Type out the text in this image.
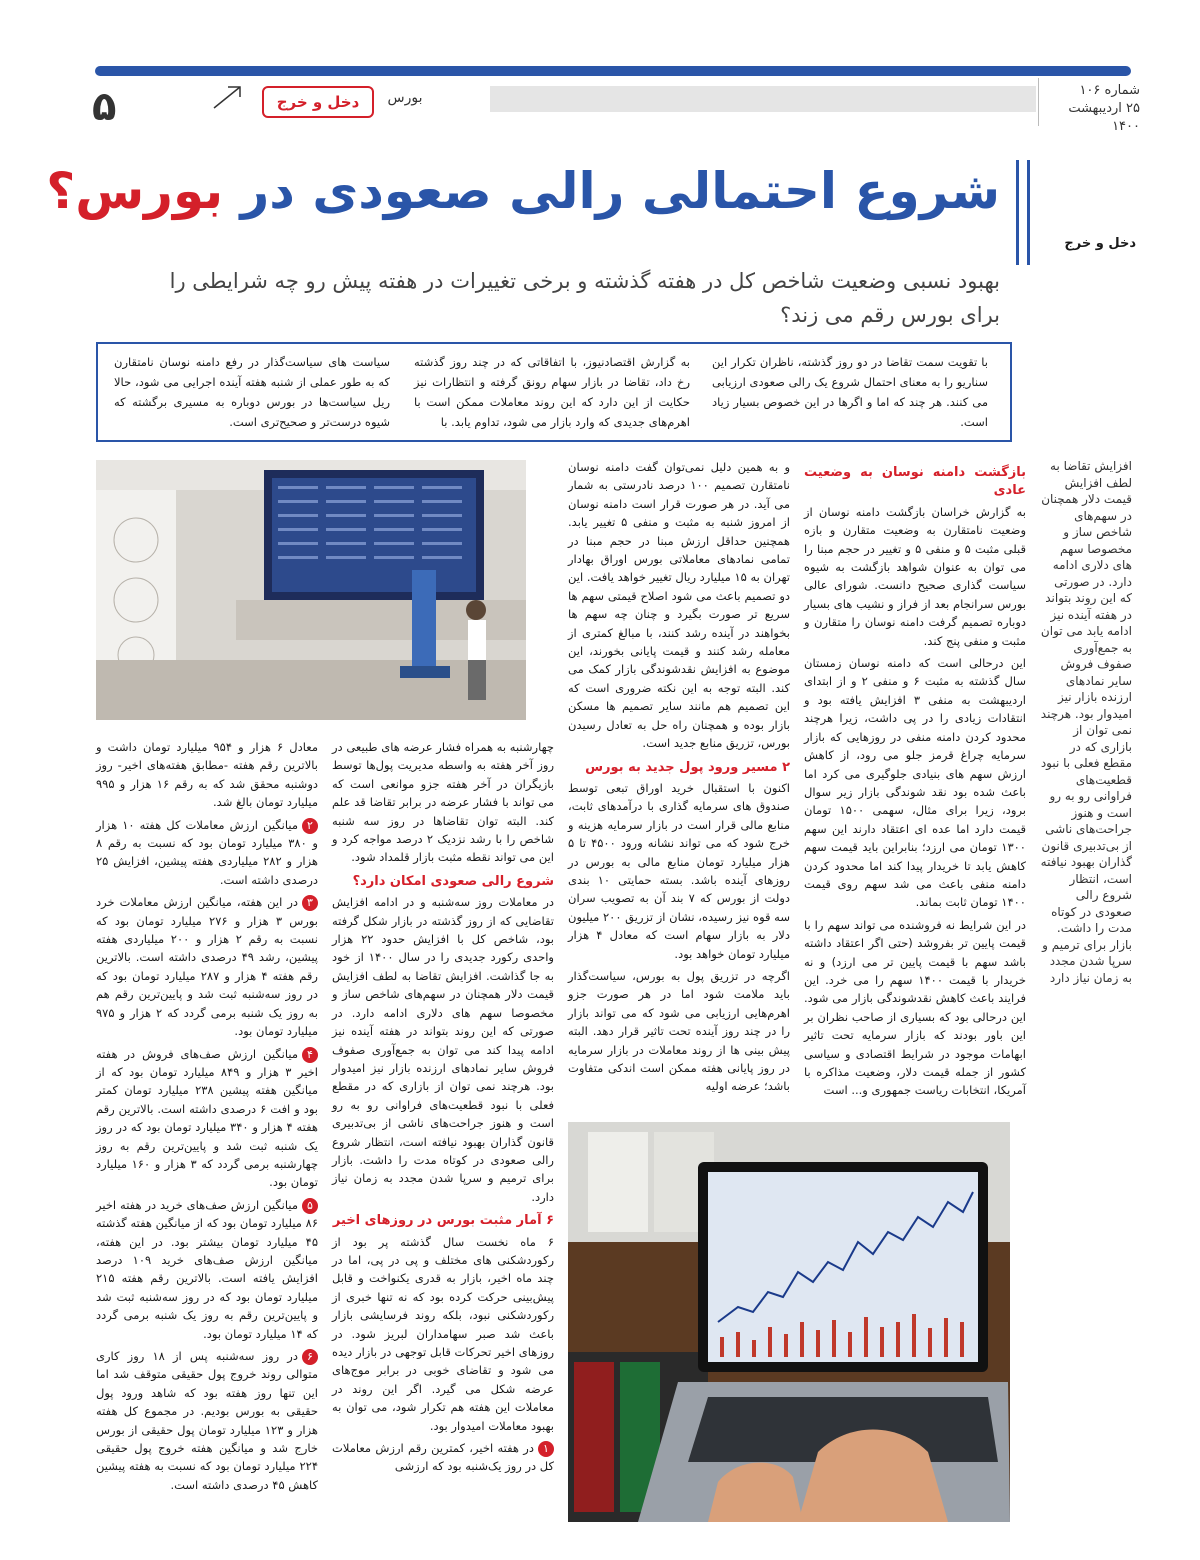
۵	دخل و خرج	بورس	شماره ۱۰۶
۲۵ اردیبهشت ۱۴۰۰
دخل و خرج
شروع احتمالی رالی صعودی در بورس؟
بهبود نسبی وضعیت شاخص کل در هفته گذشته و برخی تغییرات در هفته پیش رو چه شرایطی را برای بورس رقم می زند؟
با تقویت سمت تقاضا در دو روز گذشته، ناظران تکرار این سناریو را به معنای احتمال شروع یک رالی صعودی ارزیابی می کنند. هر چند که اما و اگرها در این خصوص بسیار زیاد است.
به گزارش اقتصادنیوز، با اتفاقاتی که در چند روز گذشته رخ داد، تقاضا در بازار سهام رونق گرفته و انتظارات نیز حکایت از این دارد که این روند معاملات ممکن است با اهرم‌های جدیدی که وارد بازار می شود، تداوم یابد. با
سیاست های سیاست‌گذار در رفع دامنه نوسان نامتقارن که به طور عملی از شنبه هفته آینده اجرایی می شود، حالا ریل سیاست‌ها در بورس دوباره به مسیری برگشته که شیوه درست‌تر و صحیح‌تری است.
افزایش تقاضا به لطف افزایش قیمت دلار همچنان در سهم‌های شاخص ساز و مخصوصا سهم های دلاری ادامه دارد. در صورتی که این روند بتواند در هفته آینده نیز ادامه یابد می توان به جمع‌آوری صفوف فروش سایر نمادهای ارزنده بازار نیز امیدوار بود. هرچند نمی توان از بازاری که در مقطع فعلی با نبود قطعیت‌های فراوانی رو به رو است و هنوز جراحت‌های ناشی از بی‌تدبیری قانون گذاران بهبود نیافته است، انتظار شروع رالی صعودی در کوتاه مدت را داشت. بازار برای ترمیم و سرپا شدن مجدد به زمان نیاز دارد
بازگشت دامنه نوسان به وضعیت عادی

به گزارش خراسان بازگشت دامنه نوسان از وضعیت نامتقارن به وضعیت متقارن و بازه قبلی مثبت ۵ و منفی ۵ و تغییر در حجم مبنا را می توان به عنوان شواهد بازگشت به شیوه سیاست گذاری صحیح دانست. شورای عالی بورس سرانجام بعد از فراز و نشیب های بسیار دوباره تصمیم گرفت دامنه نوسان را متقارن و مثبت و منفی پنج کند.

این درحالی است که دامنه نوسان زمستان سال گذشته به مثبت ۶ و منفی ۲ و از ابتدای اردیبهشت به منفی ۳ افزایش یافته بود و انتقادات زیادی را در پی داشت، زیرا هرچند محدود کردن دامنه منفی در روزهایی که بازار سرمایه چراغ قرمز جلو می رود، از کاهش ارزش سهم های بنیادی جلوگیری می کرد اما باعث شده بود نقد شوندگی بازار زیر سوال برود، زیرا برای مثال، سهمی ۱۵۰۰ تومان قیمت دارد اما عده ای اعتقاد دارند این سهم ۱۳۰۰ تومان می ارزد؛ بنابراین باید قیمت سهم کاهش یابد تا خریدار پیدا کند اما محدود کردن دامنه منفی باعث می شد سهم روی قیمت ۱۴۰۰ تومان ثابت بماند.

در این شرایط نه فروشنده می تواند سهم را با قیمت پایین تر بفروشد (حتی اگر اعتقاد داشته باشد سهم با قیمت پایین تر می ارزد) و نه خریدار با قیمت ۱۴۰۰ سهم را می خرد. این فرایند باعث کاهش نقدشوندگی بازار می شود. این درحالی بود که بسیاری از صاحب نظران بر این باور بودند که بازار سرمایه تحت تاثیر ابهامات موجود در شرایط اقتصادی و سیاسی کشور از جمله قیمت دلار، وضعیت مذاکره با آمریکا، انتخابات ریاست جمهوری و... است

و به همین دلیل نمی‌توان گفت دامنه نوسان نامتقارن تصمیم ۱۰۰ درصد نادرستی به شمار می آید. در هر صورت قرار است دامنه نوسان از امروز شنبه به مثبت و منفی ۵ تغییر یابد. همچنین حداقل ارزش مبنا در حجم مبنا در تمامی نمادهای معاملاتی بورس اوراق بهادار تهران به ۱۵ میلیارد ریال تغییر خواهد یافت. این دو تصمیم باعث می شود اصلاح قیمتی سهم ها سریع تر صورت بگیرد و چنان چه سهم ها بخواهند در آینده رشد کنند، با مبالغ کمتری از معامله رشد کنند و قیمت پایانی بخورند، این موضوع به افزایش نقدشوندگی بازار کمک می کند. البته توجه به این نکته ضروری است که این تصمیم هم مانند سایر تصمیم ها مسکن بازار بوده و همچنان راه حل به تعادل رسیدن بورس، تزریق منابع جدید است.

۲ مسیر ورود پول جدید به بورس

اکنون با استقبال خرید اوراق تبعی توسط صندوق های سرمایه گذاری با درآمدهای ثابت، منابع مالی قرار است در بازار سرمایه هزینه و خرج شود که می تواند نشانه ورود ۴۵۰۰ تا ۵ هزار میلیارد تومان منابع مالی به بورس در روزهای آینده باشد. بسته حمایتی ۱۰ بندی دولت از بورس که ۷ بند آن به تصویب سران سه قوه نیز رسیده، نشان از تزریق ۲۰۰ میلیون دلار به بازار سهام است که معادل ۴ هزار میلیارد تومان خواهد بود.

اگرچه در تزریق پول به بورس، سیاست‌گذار باید ملامت شود اما در هر صورت جزو اهرم‌هایی ارزیابی می شود که می تواند بازار را در چند روز آینده تحت تاثیر قرار دهد. البته پیش بینی ها از روند معاملات در بازار سرمایه در روز پایانی هفته ممکن است اندکی متفاوت باشد؛ عرضه اولیه

چهارشنبه به همراه فشار عرضه های طبیعی در روز آخر هفته به واسطه مدیریت پول‌ها توسط بازیگران در آخر هفته جزو موانعی است که می تواند با فشار عرضه در برابر تقاضا قد علم کند. البته توان تقاضاها در روز سه شنبه شاخص را با رشد نزدیک ۲ درصد مواجه کرد و این می تواند نقطه مثبت بازار قلمداد شود.

شروع رالی صعودی امکان دارد؟

در معاملات روز سه‌شنبه و در ادامه افزایش تقاضایی که از روز گذشته در بازار شکل گرفته بود، شاخص کل با افزایش حدود ۲۲ هزار واحدی رکورد جدیدی را در سال ۱۴۰۰ از خود به جا گذاشت. افزایش تقاضا به لطف افزایش قیمت دلار همچنان در سهم‌های شاخص ساز و مخصوصا سهم های دلاری ادامه دارد. در صورتی که این روند بتواند در هفته آینده نیز ادامه پیدا کند می توان به جمع‌آوری صفوف فروش سایر نمادهای ارزنده بازار نیز امیدوار بود. هرچند نمی توان از بازاری که در مقطع فعلی با نبود قطعیت‌های فراوانی رو به رو است و هنوز جراحت‌های ناشی از بی‌تدبیری قانون گذاران بهبود نیافته است، انتظار شروع رالی صعودی در کوتاه مدت را داشت. بازار برای ترمیم و سرپا شدن مجدد به زمان نیاز دارد.

۶ آمار مثبت بورس در روزهای اخیر

۶ ماه نخست سال گذشته پر بود از رکوردشکنی های مختلف و پی در پی، اما در چند ماه اخیر، بازار به قدری یکنواخت و قابل پیش‌بینی حرکت کرده بود که نه تنها خبری از رکوردشکنی نبود، بلکه روند فرسایشی بازار باعث شد صبر سهامداران لبریز شود. در روزهای اخیر تحرکات قابل توجهی در بازار دیده می شود و تقاضای خوبی در برابر موج‌های عرضه شکل می گیرد. اگر این روند در معاملات این هفته هم تکرار شود، می توان به بهبود معاملات امیدوار بود.

۱در هفته اخیر، کمترین رقم ارزش معاملات کل در روز یک‌شنبه بود که ارزشی

معادل ۶ هزار و ۹۵۴ میلیارد تومان داشت و بالاترین رقم هفته -مطابق هفته‌های اخیر- روز دوشنبه محقق شد که به رقم ۱۶ هزار و ۹۹۵ میلیارد تومان بالغ شد.

۲میانگین ارزش معاملات کل هفته ۱۰ هزار و ۳۸۰ میلیارد تومان بود که نسبت به رقم ۸ هزار و ۲۸۲ میلیاردی هفته پیشین، افزایش ۲۵ درصدی داشته است.

۳در این هفته، میانگین ارزش معاملات خرد بورس ۳ هزار و ۲۷۶ میلیارد تومان بود که نسبت به رقم ۲ هزار و ۲۰۰ میلیاردی هفته پیشین، رشد ۴۹ درصدی داشته است. بالاترین رقم هفته ۴ هزار و ۲۸۷ میلیارد تومان بود که در روز سه‌شنبه ثبت شد و پایین‌ترین رقم هم به روز یک شنبه برمی گردد که ۲ هزار و ۹۷۵ میلیارد تومان بود.

۴میانگین ارزش صف‌های فروش در هفته اخیر ۳ هزار و ۸۴۹ میلیارد تومان بود که از میانگین هفته پیشین ۲۳۸ میلیارد تومان کمتر بود و افت ۶ درصدی داشته است. بالاترین رقم هفته ۴ هزار و ۳۴۰ میلیارد تومان بود که در روز یک شنبه ثبت شد و پایین‌ترین رقم به روز چهارشنبه برمی گردد که ۳ هزار و ۱۶۰ میلیارد تومان بود.

۵میانگین ارزش صف‌های خرید در هفته اخیر ۸۶ میلیارد تومان بود که از میانگین هفته گذشته ۴۵ میلیارد تومان بیشتر بود. در این هفته، میانگین ارزش صف‌های خرید ۱۰۹ درصد افزایش یافته است. بالاترین رقم هفته ۲۱۵ میلیارد تومان بود که در روز سه‌شنبه ثبت شد و پایین‌ترین رقم به روز یک شنبه برمی گردد که ۱۴ میلیارد تومان بود.

۶در روز سه‌شنبه پس از ۱۸ روز کاری متوالی روند خروج پول حقیقی متوقف شد اما این تنها روز هفته بود که شاهد ورود پول حقیقی به بورس بودیم. در مجموع کل هفته هزار و ۱۲۳ میلیارد تومان پول حقیقی از بورس خارج شد و میانگین هفته خروج پول حقیقی ۲۲۴ میلیارد تومان بود که نسبت به هفته پیشین کاهش ۴۵ درصدی داشته است.
